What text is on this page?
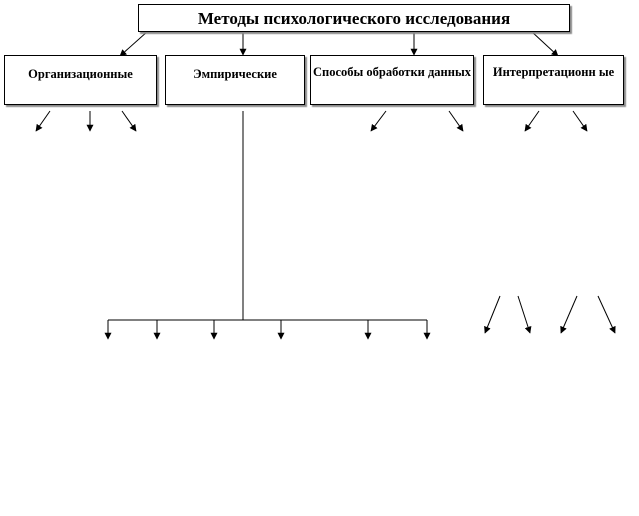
Методы психологического исследования
Организационные	Эмпирические	Способы обработки данных	Интерпретационн ые
